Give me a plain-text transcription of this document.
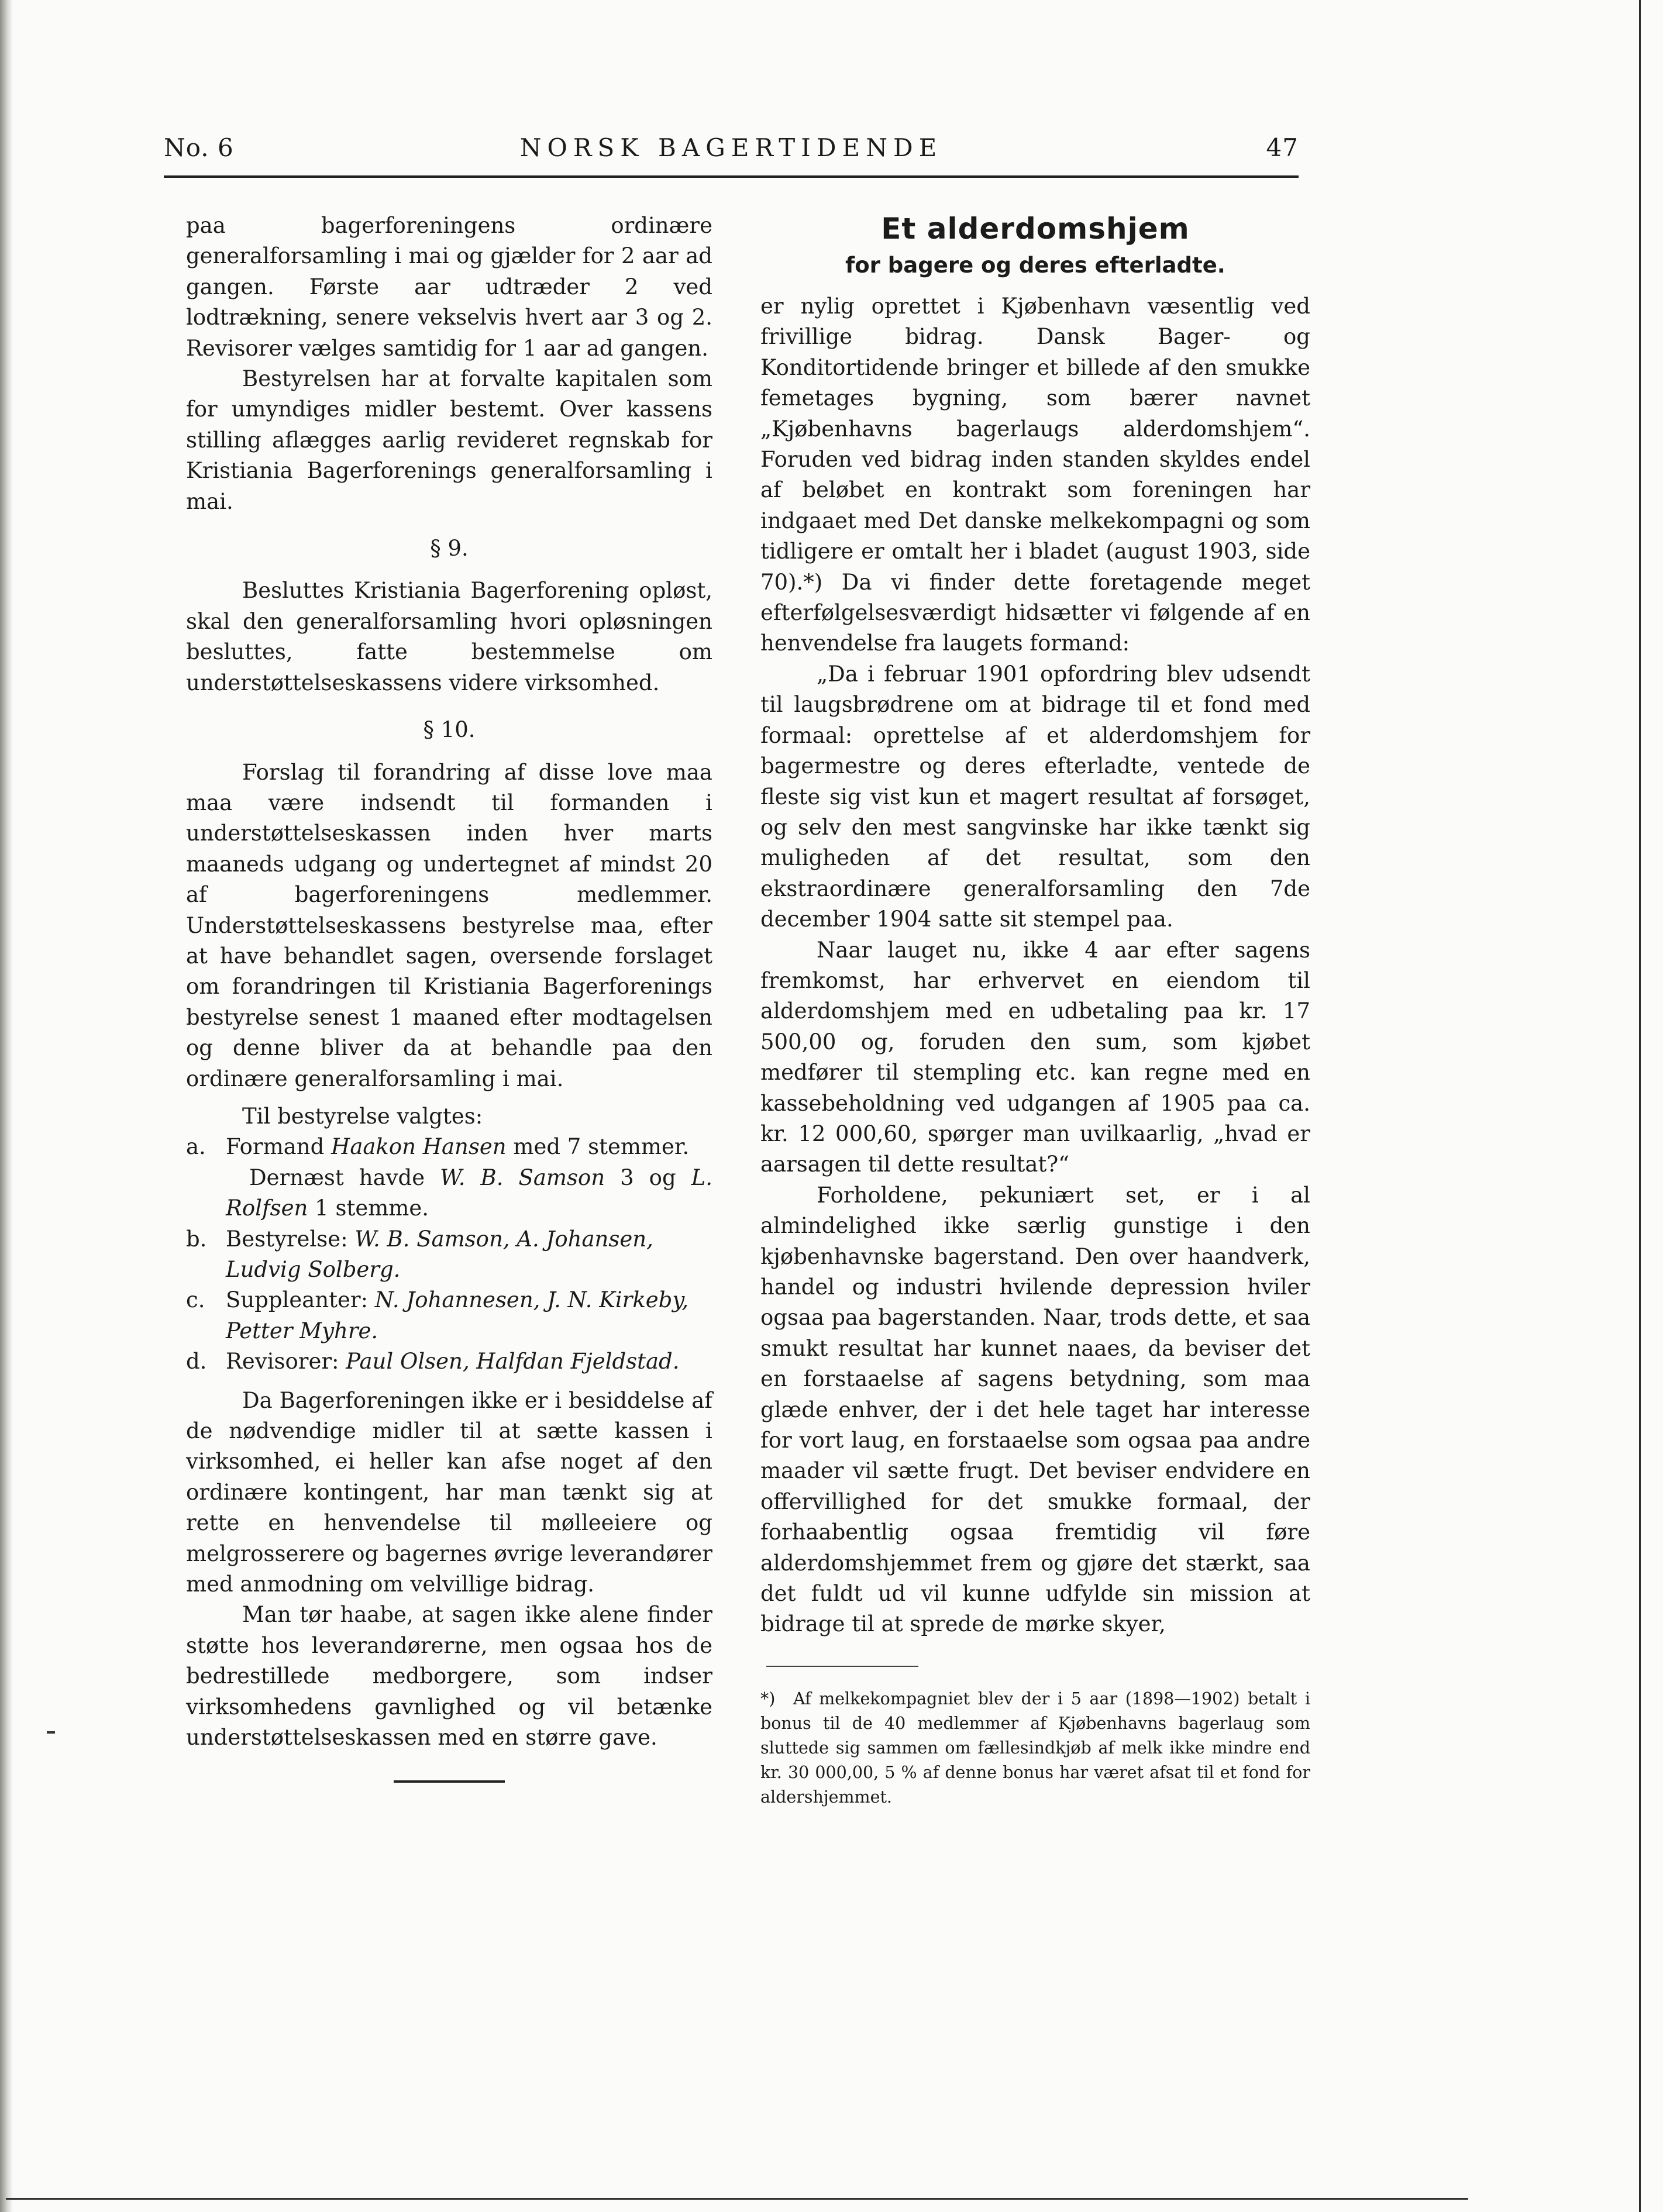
No. 6	NORSK BAGERTIDENDE	47

paa bagerforeningens ordinære generalforsamling i mai og gjælder for 2 aar ad gangen. Første aar udtræder 2 ved lodtrækning, senere vekselvis hvert aar 3 og 2. Revisorer vælges samtidig for 1 aar ad gangen.

Bestyrelsen har at forvalte kapitalen som for umyndiges midler bestemt. Over kassens stilling aflægges aarlig revideret regnskab for Kristiania Bagerforenings generalforsamling i mai.

§ 9.

Besluttes Kristiania Bagerforening opløst, skal den generalforsamling hvori opløsningen besluttes, fatte bestemmelse om understøttelseskassens videre virksomhed.

§ 10.

Forslag til forandring af disse love maa maa være indsendt til formanden i understøttelseskassen inden hver marts maaneds udgang og undertegnet af mindst 20 af bagerforeningens medlemmer. Understøttelseskassens bestyrelse maa, efter at have behandlet sagen, oversende forslaget om forandringen til Kristiania Bagerforenings bestyrelse senest 1 maaned efter modtagelsen og denne bliver da at behandle paa den ordinære generalforsamling i mai.

Til bestyrelse valgtes:
a. Formand Haakon Hansen med 7 stemmer.
Dernæst havde W. B. Samson 3 og L. Rolfsen 1 stemme.
b. Bestyrelse: W. B. Samson, A. Johansen, Ludvig Solberg.
c. Suppleanter: N. Johannesen, J. N. Kirkeby, Petter Myhre.
d. Revisorer: Paul Olsen, Halfdan Fjeldstad.

Da Bagerforeningen ikke er i besiddelse af de nødvendige midler til at sætte kassen i virksomhed, ei heller kan afse noget af den ordinære kontingent, har man tænkt sig at rette en henvendelse til mølleeiere og melgrosserere og bagernes øvrige leverandører med anmodning om velvillige bidrag.

Man tør haabe, at sagen ikke alene finder støtte hos leverandørerne, men ogsaa hos de bedrestillede medborgere, som indser virksomhedens gavnlighed og vil betænke understøttelseskassen med en større gave.

Et alderdomshjem
for bagere og deres efterladte.

er nylig oprettet i Kjøbenhavn væsentlig ved frivillige bidrag. Dansk Bager- og Konditortidende bringer et billede af den smukke femetages bygning, som bærer navnet „Kjøbenhavns bagerlaugs alderdomshjem“. Foruden ved bidrag inden standen skyldes endel af beløbet en kontrakt som foreningen har indgaaet med Det danske melkekompagni og som tidligere er omtalt her i bladet (august 1903, side 70).*) Da vi finder dette foretagende meget efterfølgelsesværdigt hidsætter vi følgende af en henvendelse fra laugets formand:

„Da i februar 1901 opfordring blev udsendt til laugsbrødrene om at bidrage til et fond med formaal: oprettelse af et alderdomshjem for bagermestre og deres efterladte, ventede de fleste sig vist kun et magert resultat af forsøget, og selv den mest sangvinske har ikke tænkt sig muligheden af det resultat, som den ekstraordinære generalforsamling den 7de december 1904 satte sit stempel paa.

Naar lauget nu, ikke 4 aar efter sagens fremkomst, har erhvervet en eiendom til alderdomshjem med en udbetaling paa kr. 17 500,00 og, foruden den sum, som kjøbet medfører til stempling etc. kan regne med en kassebeholdning ved udgangen af 1905 paa ca. kr. 12 000,60, spørger man uvilkaarlig, „hvad er aarsagen til dette resultat?“

Forholdene, pekuniært set, er i al almindelighed ikke særlig gunstige i den kjøbenhavnske bagerstand. Den over haandverk, handel og industri hvilende depression hviler ogsaa paa bagerstanden. Naar, trods dette, et saa smukt resultat har kunnet naaes, da beviser det en forstaaelse af sagens betydning, som maa glæde enhver, der i det hele taget har interesse for vort laug, en forstaaelse som ogsaa paa andre maader vil sætte frugt. Det beviser endvidere en offervillighed for det smukke formaal, der forhaabentlig ogsaa fremtidig vil føre alderdomshjemmet frem og gjøre det stærkt, saa det fuldt ud vil kunne udfylde sin mission at bidrage til at sprede de mørke skyer,

*) Af melkekompagniet blev der i 5 aar (1898—1902) betalt i bonus til de 40 medlemmer af Kjøbenhavns bagerlaug som sluttede sig sammen om fællesindkjøb af melk ikke mindre end kr. 30 000,00, 5 % af denne bonus har været afsat til et fond for aldershjemmet.
